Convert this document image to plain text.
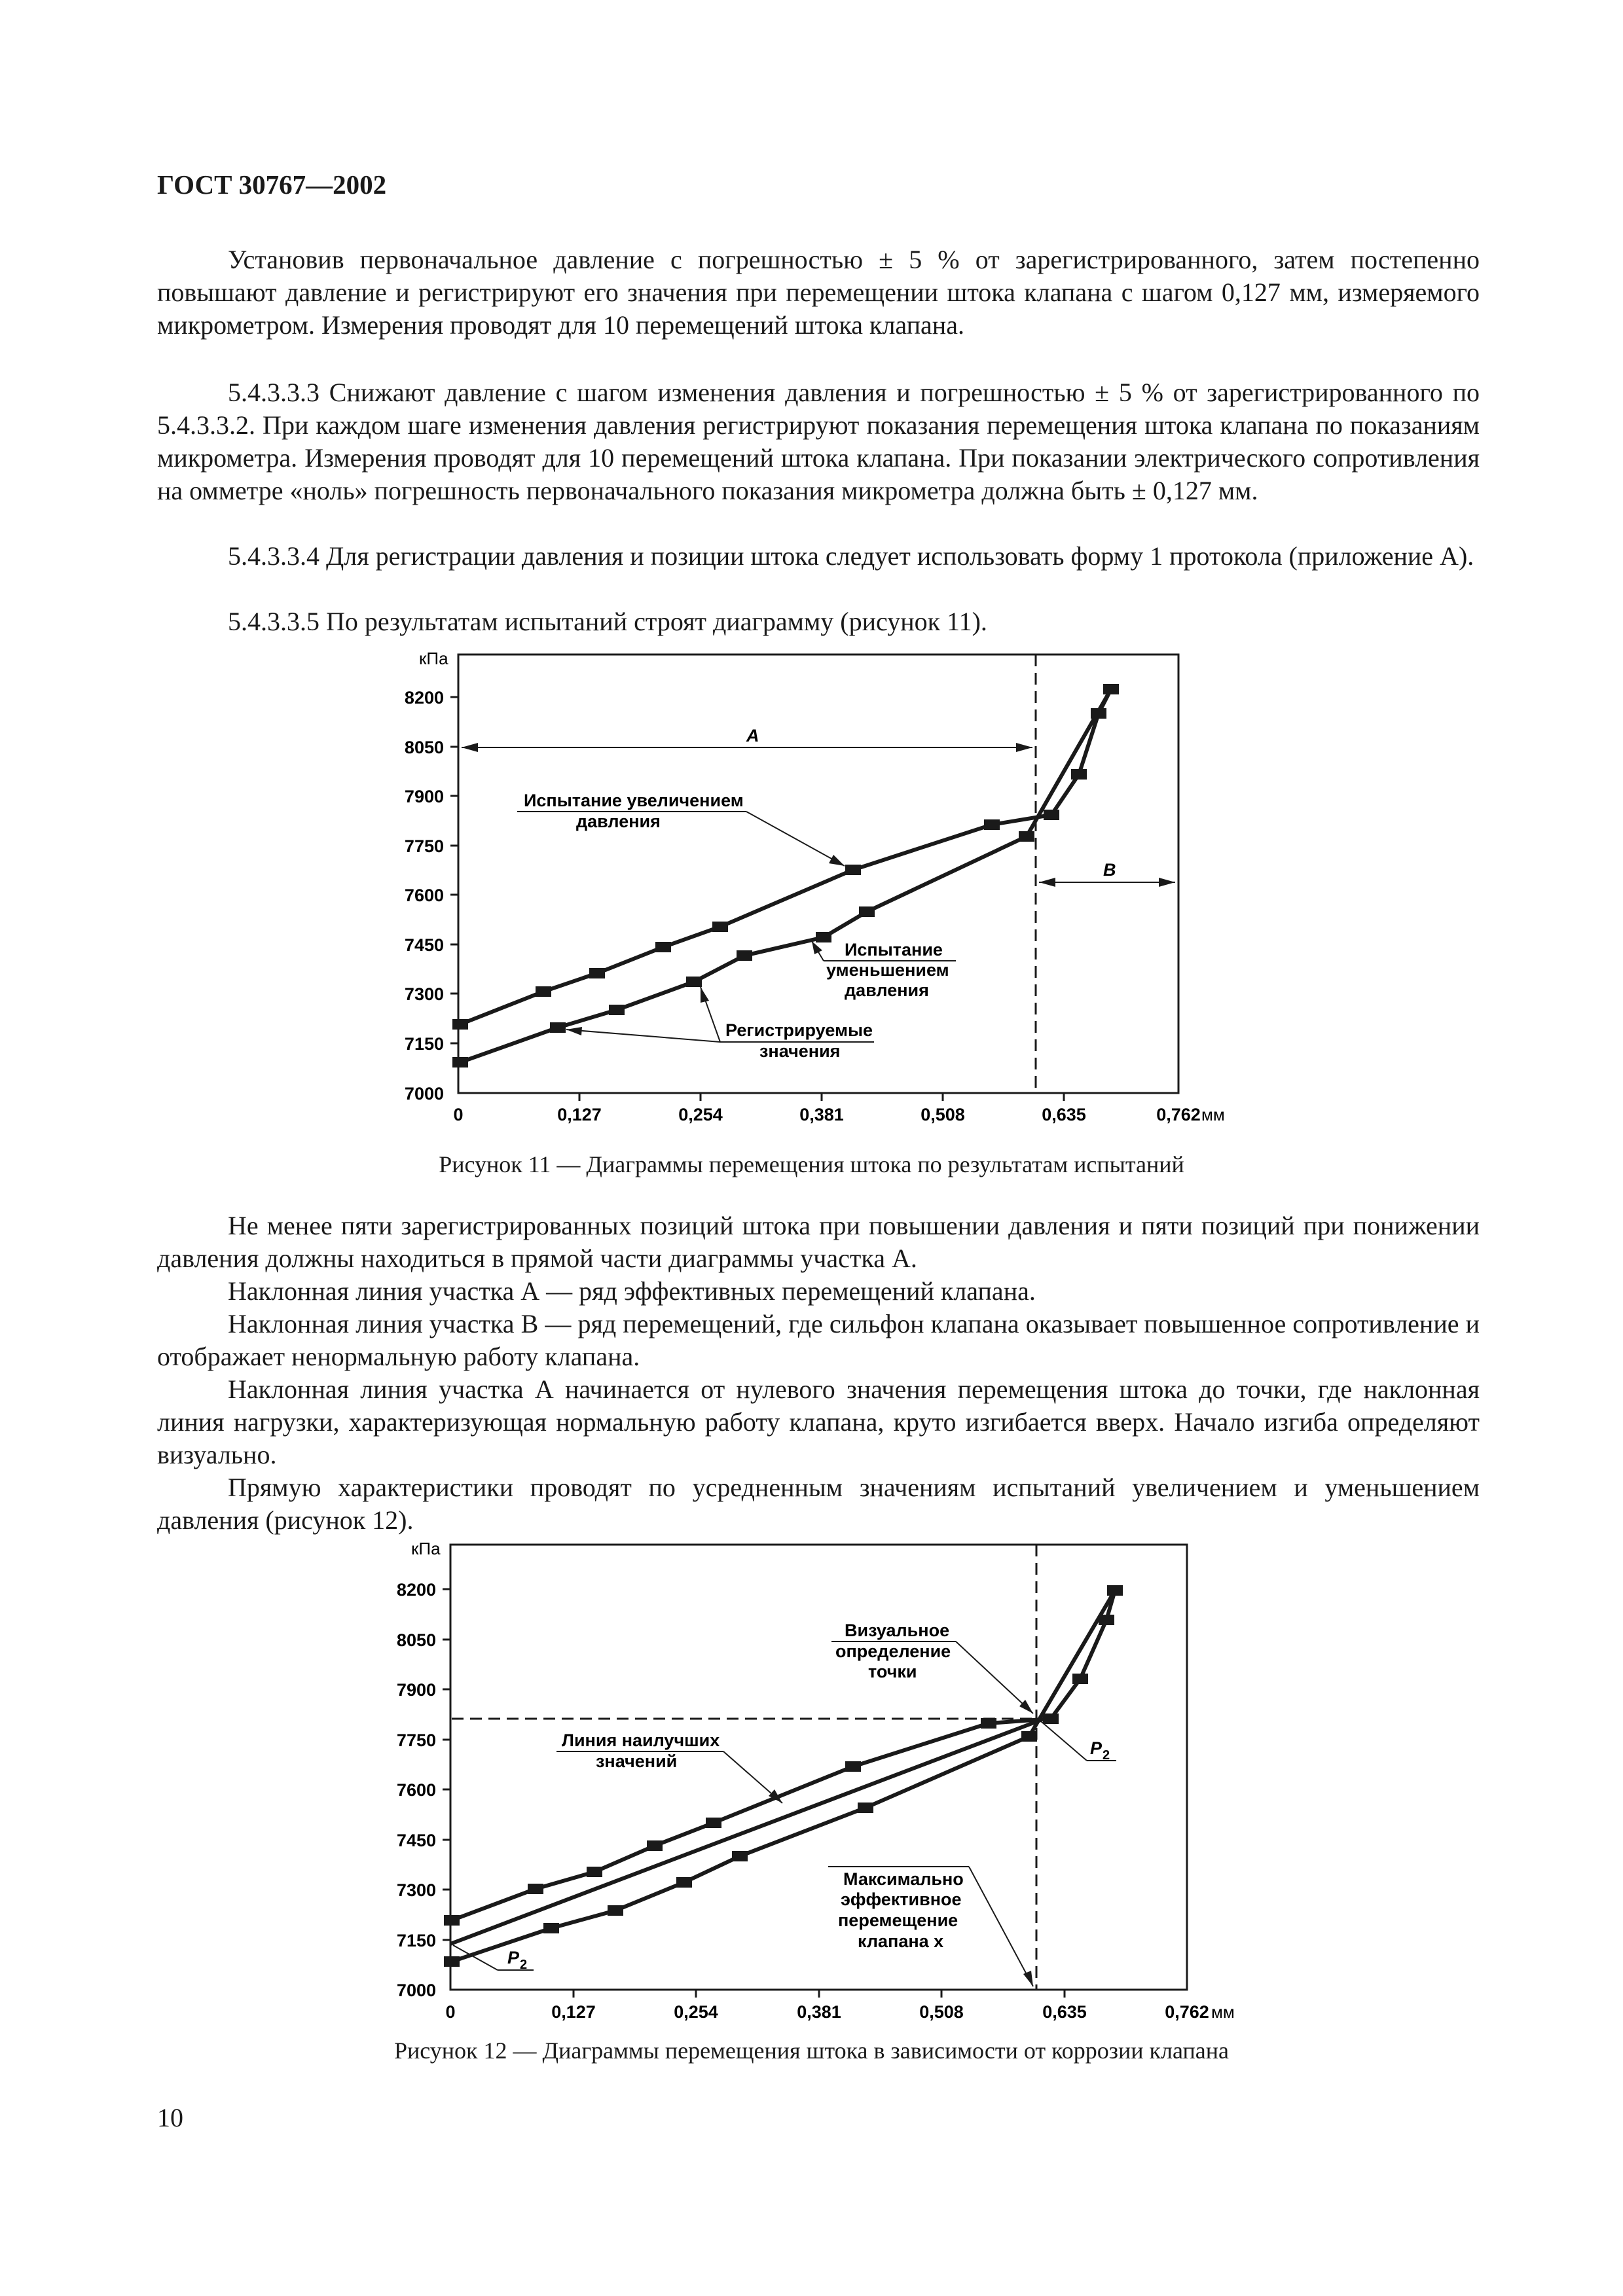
ГОСТ 30767—2002

Установив первоначальное давление с погрешностью ± 5 % от зарегистрированного, затем постепенно повышают давление и регистрируют его значения при перемещении штока клапана с шагом 0,127 мм, измеряемого микрометром. Измерения проводят для 10 перемещений штока клапана.

5.4.3.3.3 Снижают давление с шагом изменения давления и погрешностью ± 5 % от зарегистрированного по 5.4.3.3.2. При каждом шаге изменения давления регистрируют показания перемещения штока клапана по показаниям микрометра. Измерения проводят для 10 перемещений штока клапана. При показании электрического сопротивления на омметре «ноль» погрешность первоначального показания микрометра должна быть ± 0,127 мм.

5.4.3.3.4 Для регистрации давления и позиции штока следует использовать форму 1 протокола (приложение А).

5.4.3.3.5 По результатам испытаний строят диаграмму (рисунок 11).

кПа
мм
8200
8050
7900
7750
7600
7450
7300
7150
7000
0	0,127	0,254	0,381	0,508	0,635	0,762
A
B
Испытание увеличением
давления
Испытание
уменьшением
давления
Регистрируемые
значения
Рисунок 11 — Диаграммы перемещения штока по результатам испытаний

Не менее пяти зарегистрированных позиций штока при повышении давления и пяти позиций при понижении давления должны находиться в прямой части диаграммы участка А.

Наклонная линия участка А — ряд эффективных перемещений клапана.

Наклонная линия участка В — ряд перемещений, где сильфон клапана оказывает повышенное сопротивление и отображает ненормальную работу клапана.

Наклонная линия участка А начинается от нулевого значения перемещения штока до точки, где наклонная линия нагрузки, характеризующая нормальную работу клапана, круто изгибается вверх. Начало изгиба определяют визуально.

Прямую характеристики проводят по усредненным значениям испытаний увеличением и уменьшением давления (рисунок 12).

кПа
мм
8200
8050
7900
7750
7600
7450
7300
7150
7000
0	0,127	0,254	0,381	0,508	0,635	0,762
Визуальное
определение
точки
P 2
Линия наилучших
значений
Максимально
эффективное
перемещение
клапана x
P 2
Рисунок 12 — Диаграммы перемещения штока в зависимости от коррозии клапана
10
